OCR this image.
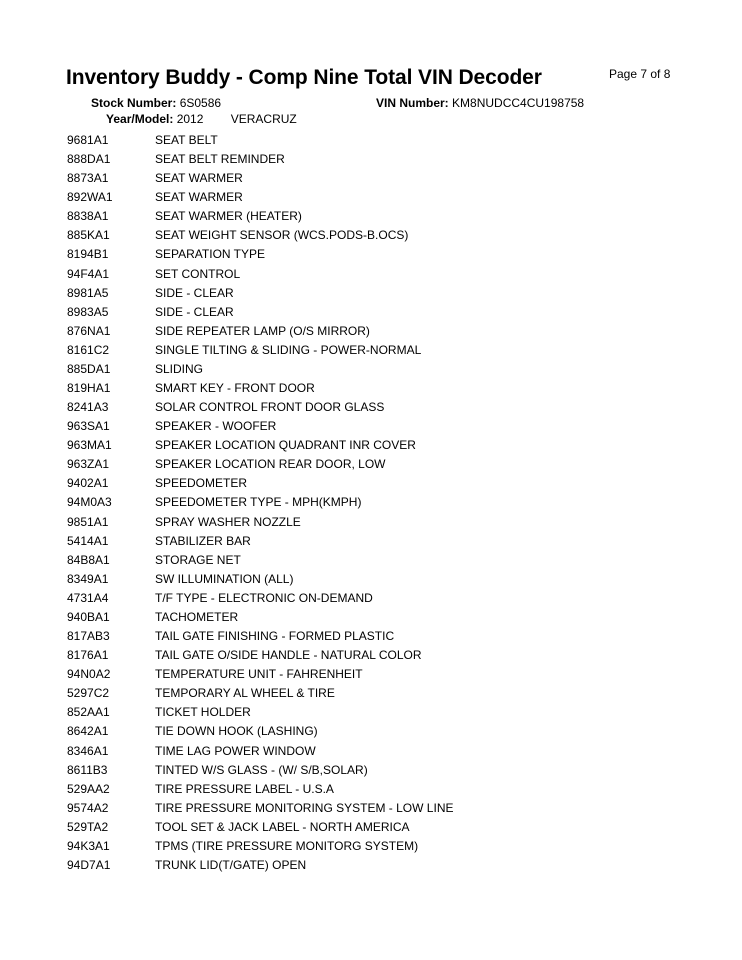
Inventory Buddy - Comp Nine Total VIN Decoder	Page 7 of 8
Stock Number: 6S0586	VIN Number: KM8NUDCC4CU198758
Year/Model: 2012 VERACRUZ
9681A1	SEAT BELT
888DA1	SEAT BELT REMINDER
8873A1	SEAT WARMER
892WA1	SEAT WARMER
8838A1	SEAT WARMER (HEATER)
885KA1	SEAT WEIGHT SENSOR (WCS.PODS-B.OCS)
8194B1	SEPARATION TYPE
94F4A1	SET CONTROL
8981A5	SIDE - CLEAR
8983A5	SIDE - CLEAR
876NA1	SIDE REPEATER LAMP (O/S MIRROR)
8161C2	SINGLE TILTING & SLIDING - POWER-NORMAL
885DA1	SLIDING
819HA1	SMART KEY - FRONT DOOR
8241A3	SOLAR CONTROL FRONT DOOR GLASS
963SA1	SPEAKER - WOOFER
963MA1	SPEAKER LOCATION QUADRANT INR COVER
963ZA1	SPEAKER LOCATION REAR DOOR, LOW
9402A1	SPEEDOMETER
94M0A3	SPEEDOMETER TYPE - MPH(KMPH)
9851A1	SPRAY WASHER NOZZLE
5414A1	STABILIZER BAR
84B8A1	STORAGE NET
8349A1	SW ILLUMINATION (ALL)
4731A4	T/F TYPE - ELECTRONIC ON-DEMAND
940BA1	TACHOMETER
817AB3	TAIL GATE FINISHING - FORMED PLASTIC
8176A1	TAIL GATE O/SIDE HANDLE - NATURAL COLOR
94N0A2	TEMPERATURE UNIT - FAHRENHEIT
5297C2	TEMPORARY AL WHEEL & TIRE
852AA1	TICKET HOLDER
8642A1	TIE DOWN HOOK (LASHING)
8346A1	TIME LAG POWER WINDOW
8611B3	TINTED W/S GLASS - (W/ S/B,SOLAR)
529AA2	TIRE PRESSURE LABEL - U.S.A
9574A2	TIRE PRESSURE MONITORING SYSTEM - LOW LINE
529TA2	TOOL SET & JACK LABEL - NORTH AMERICA
94K3A1	TPMS (TIRE PRESSURE MONITORG SYSTEM)
94D7A1	TRUNK LID(T/GATE) OPEN
